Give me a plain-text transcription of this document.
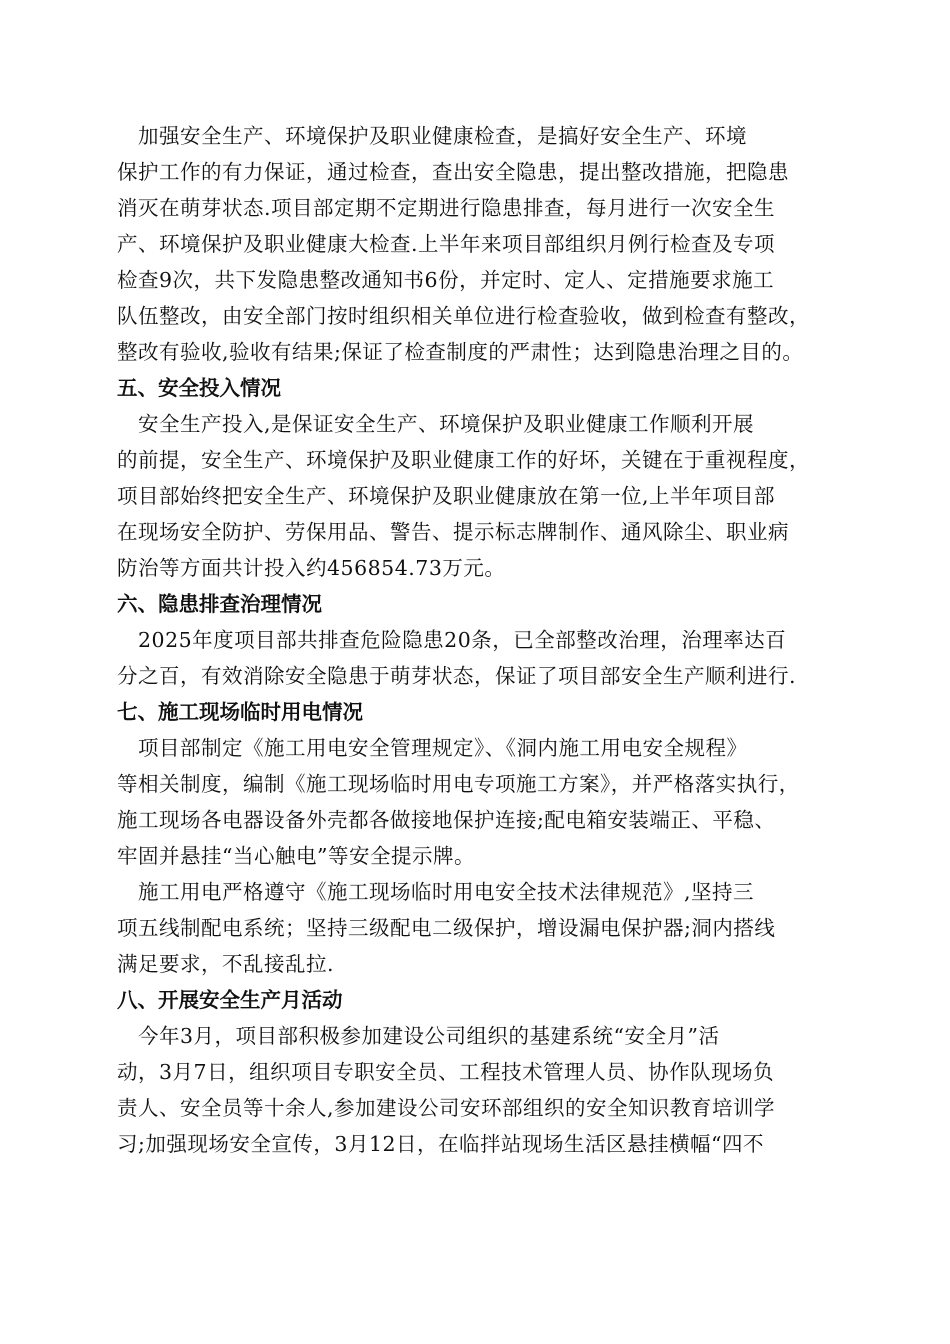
　加强安全生产、环境保护及职业健康检查，是搞好安全生产、环境

保护工作的有力保证，通过检查，查出安全隐患，提出整改措施，把隐患

消灭在萌芽状态.项目部定期不定期进行隐患排查，每月进行一次安全生

产、环境保护及职业健康大检查.上半年来项目部组织月例行检查及专项

检查9次，共下发隐患整改通知书6份，并定时、定人、定措施要求施工

队伍整改，由安全部门按时组织相关单位进行检查验收，做到检查有整改，

整改有验收,验收有结果;保证了检查制度的严肃性；达到隐患治理之目的。

五、安全投入情况

　安全生产投入,是保证安全生产、环境保护及职业健康工作顺利开展

的前提，安全生产、环境保护及职业健康工作的好坏，关键在于重视程度，

项目部始终把安全生产、环境保护及职业健康放在第一位,上半年项目部

在现场安全防护、劳保用品、警告、提示标志牌制作、通风除尘、职业病

防治等方面共计投入约456854.73万元。

六、隐患排查治理情况

　2025年度项目部共排查危险隐患20条，已全部整改治理，治理率达百

分之百，有效消除安全隐患于萌芽状态，保证了项目部安全生产顺利进行.

七、施工现场临时用电情况

　项目部制定《施工用电安全管理规定》、《洞内施工用电安全规程》

等相关制度，编制《施工现场临时用电专项施工方案》，并严格落实执行，

施工现场各电器设备外壳都各做接地保护连接;配电箱安装端正、平稳、

牢固并悬挂“当心触电”等安全提示牌。

　施工用电严格遵守《施工现场临时用电安全技术法律规范》,坚持三

项五线制配电系统；坚持三级配电二级保护，增设漏电保护器;洞内搭线

满足要求，不乱接乱拉.

八、开展安全生产月活动

　今年3月，项目部积极参加建设公司组织的基建系统“安全月”活

动，3月7日，组织项目专职安全员、工程技术管理人员、协作队现场负

责人、安全员等十余人,参加建设公司安环部组织的安全知识教育培训学

习;加强现场安全宣传，3月12日，在临拌站现场生活区悬挂横幅“四不
